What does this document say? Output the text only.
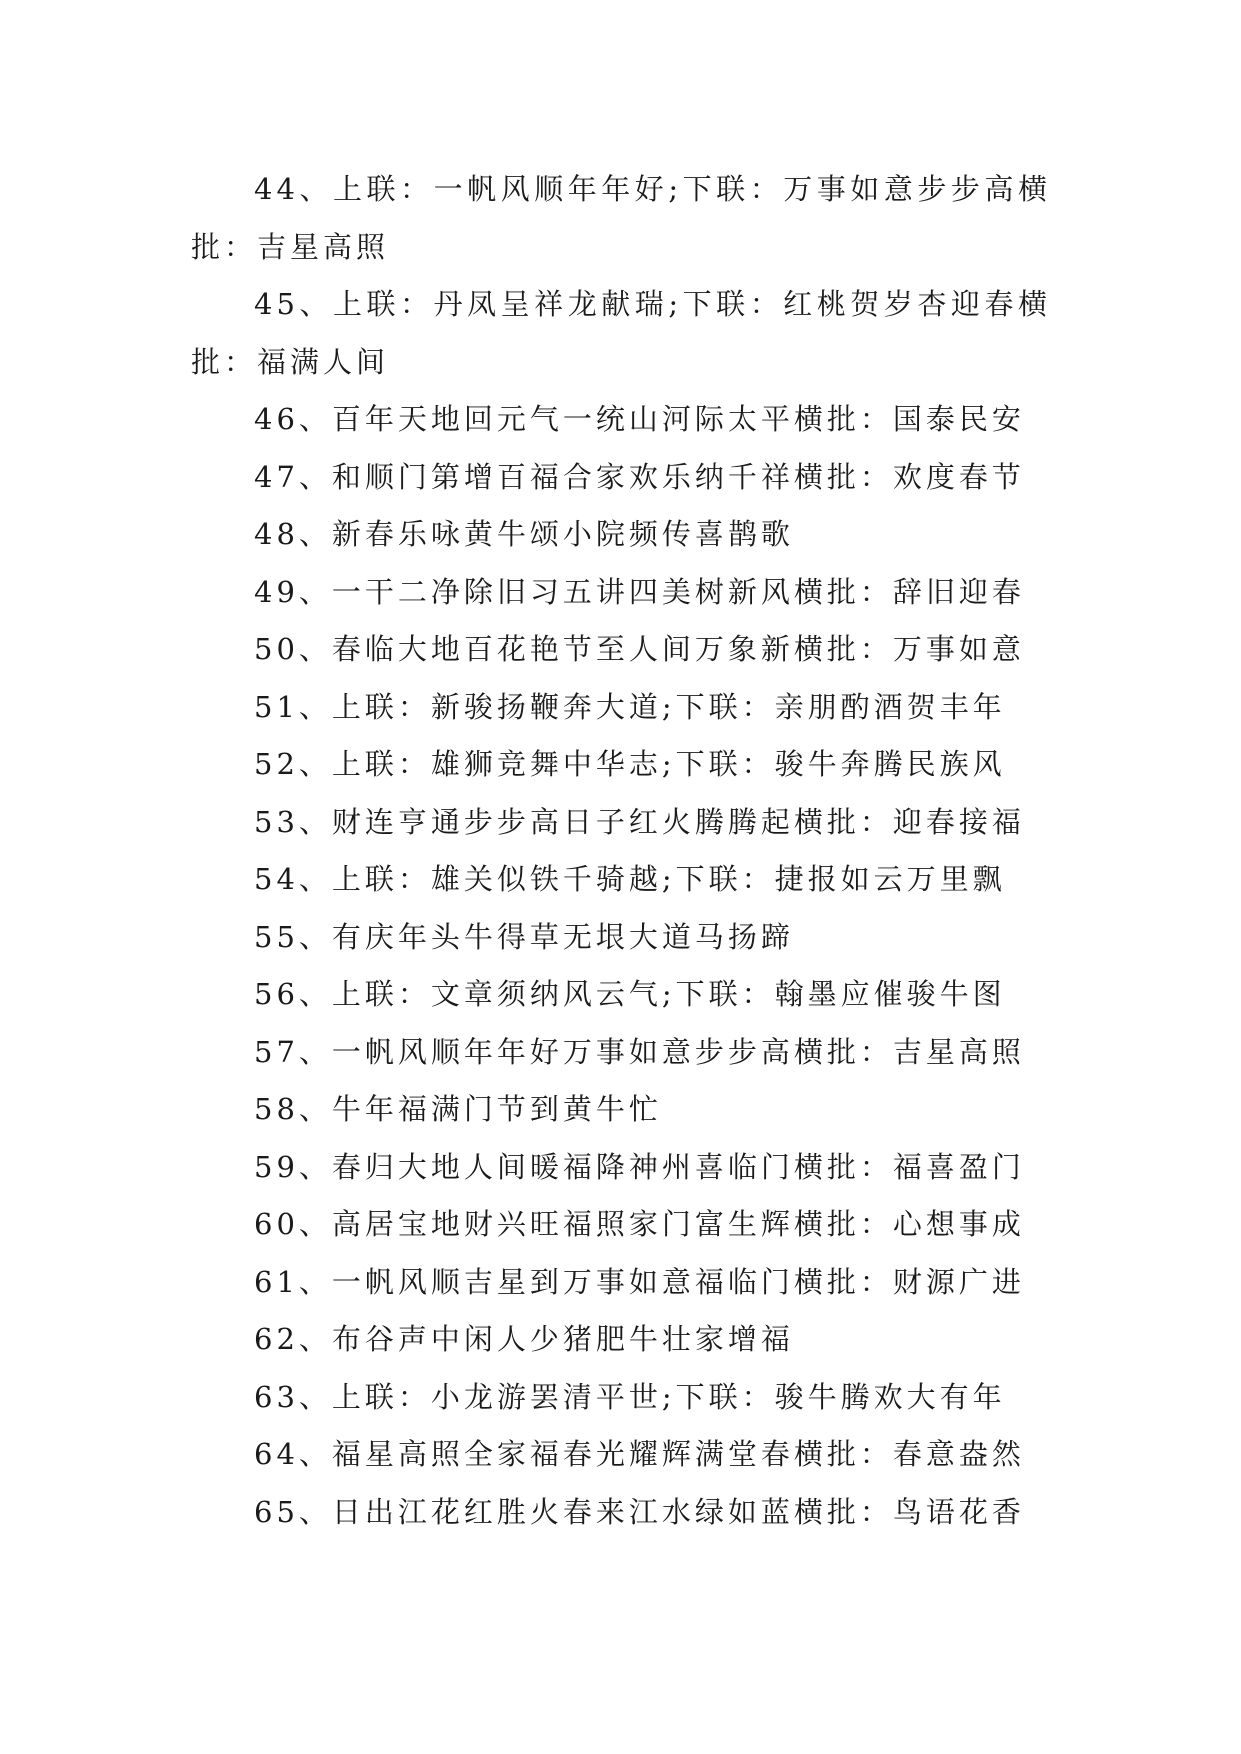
44、上联：一帆风顺年年好;下联：万事如意步步高横批：吉星高照

45、上联：丹凤呈祥龙献瑞;下联：红桃贺岁杏迎春横批：福满人间

46、百年天地回元气一统山河际太平横批：国泰民安

47、和顺门第增百福合家欢乐纳千祥横批：欢度春节

48、新春乐咏黄牛颂小院频传喜鹊歌

49、一干二净除旧习五讲四美树新风横批：辞旧迎春

50、春临大地百花艳节至人间万象新横批：万事如意

51、上联：新骏扬鞭奔大道;下联：亲朋酌酒贺丰年

52、上联：雄狮竞舞中华志;下联：骏牛奔腾民族风

53、财连亨通步步高日子红火腾腾起横批：迎春接福

54、上联：雄关似铁千骑越;下联：捷报如云万里飘

55、有庆年头牛得草无垠大道马扬蹄

56、上联：文章须纳风云气;下联：翰墨应催骏牛图

57、一帆风顺年年好万事如意步步高横批：吉星高照

58、牛年福满门节到黄牛忙

59、春归大地人间暖福降神州喜临门横批：福喜盈门

60、高居宝地财兴旺福照家门富生辉横批：心想事成

61、一帆风顺吉星到万事如意福临门横批：财源广进

62、布谷声中闲人少猪肥牛壮家增福

63、上联：小龙游罢清平世;下联：骏牛腾欢大有年

64、福星高照全家福春光耀辉满堂春横批：春意盎然

65、日出江花红胜火春来江水绿如蓝横批：鸟语花香
